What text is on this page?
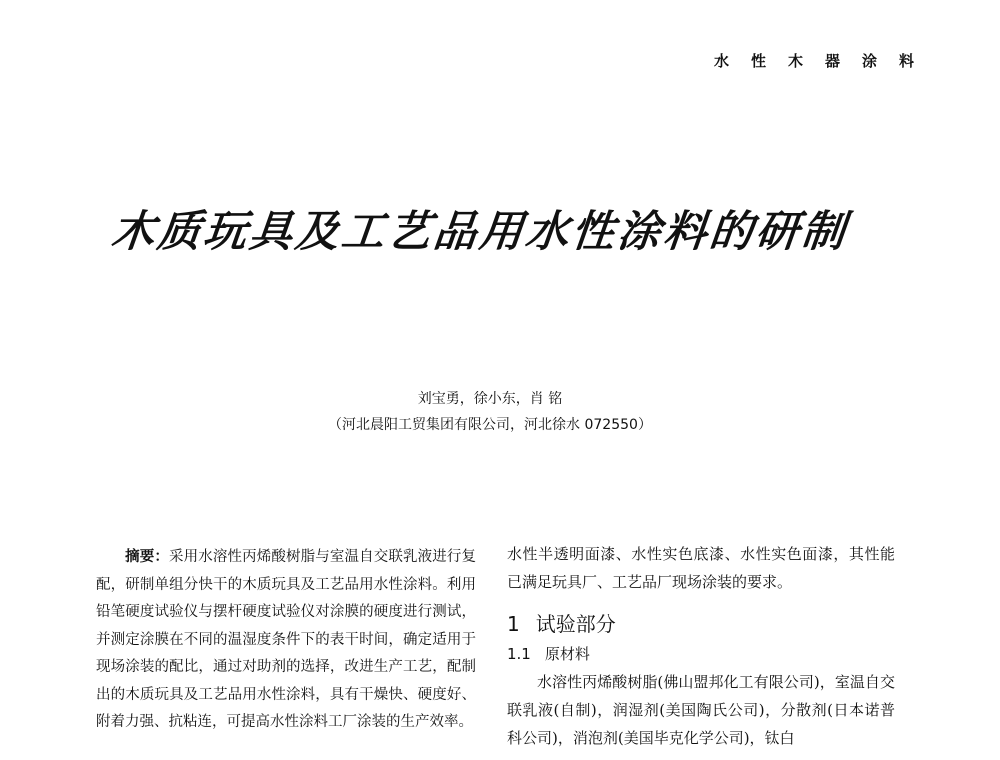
水性木器涂料
木质玩具及工艺品用水性涂料的研制
刘宝勇，徐小东，肖 铭
（河北晨阳工贸集团有限公司，河北徐水 072550）
摘要：采用水溶性丙烯酸树脂与室温自交联乳液进行复配，研制单组分快干的木质玩具及工艺品用水性涂料。利用铅笔硬度试验仪与摆杆硬度试验仪对涂膜的硬度进行测试，并测定涂膜在不同的温湿度条件下的表干时间，确定适用于现场涂装的配比，通过对助剂的选择，改进生产工艺，配制出的木质玩具及工艺品用水性涂料，具有干燥快、硬度好、附着力强、抗粘连，可提高水性涂料工厂涂装的生产效率。
水性半透明面漆、水性实色底漆、水性实色面漆，其性能已满足玩具厂、工艺品厂现场涂装的要求。
1 试验部分
1.1 原材料
水溶性丙烯酸树脂(佛山盟邦化工有限公司)，室温自交联乳液(自制)，润湿剂(美国陶氏公司)，分散剂(日本诺普科公司)，消泡剂(美国毕克化学公司)，钛白
